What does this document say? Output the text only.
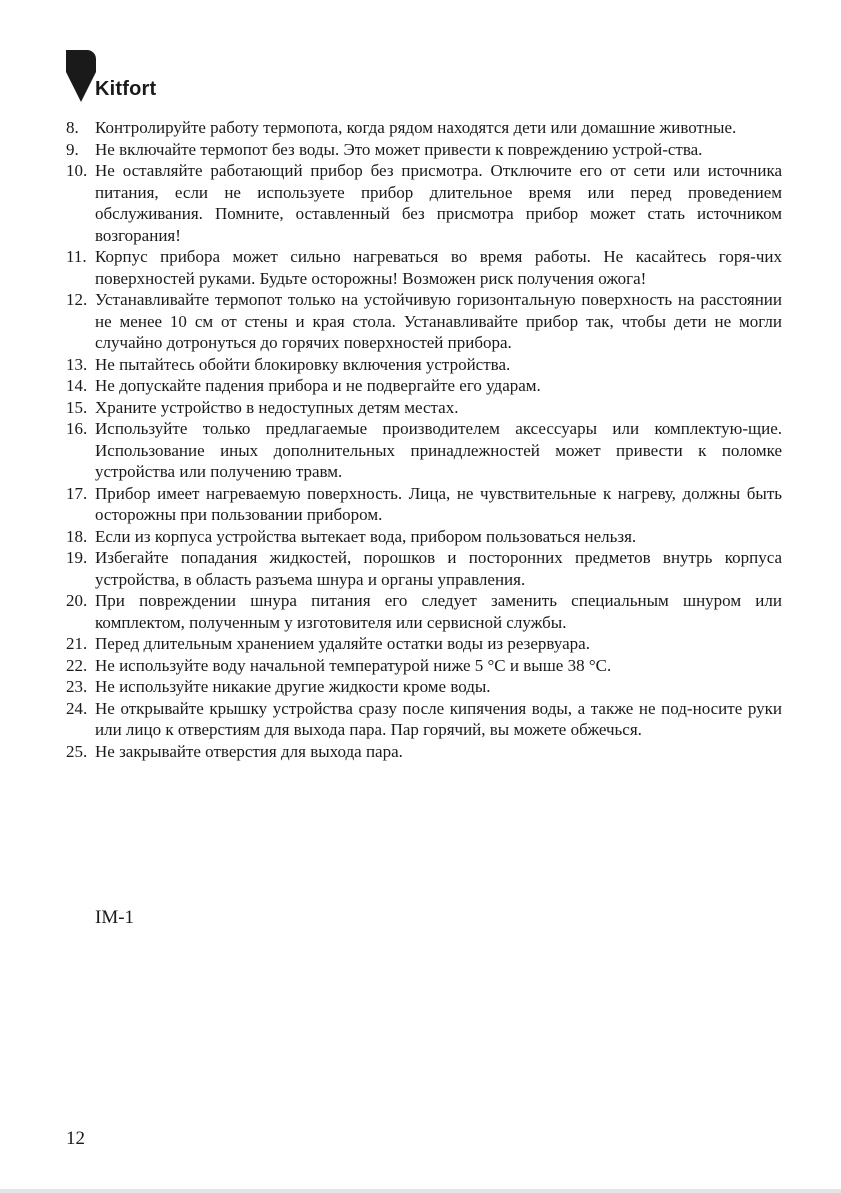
Kitfort
8. Контролируйте работу термопота, когда рядом находятся дети или домашние животные.
9. Не включайте термопот без воды. Это может привести к повреждению устрой-ства.
10. Не оставляйте работающий прибор без присмотра. Отключите его от сети или источника питания, если не используете прибор длительное время или перед проведением обслуживания. Помните, оставленный без присмотра прибор может стать источником возгорания!
11. Корпус прибора может сильно нагреваться во время работы. Не касайтесь горя-чих поверхностей руками. Будьте осторожны! Возможен риск получения ожога!
12. Устанавливайте термопот только на устойчивую горизонтальную поверхность на расстоянии не менее 10 см от стены и края стола. Устанавливайте прибор так, чтобы дети не могли случайно дотронуться до горячих поверхностей прибора.
13. Не пытайтесь обойти блокировку включения устройства.
14. Не допускайте падения прибора и не подвергайте его ударам.
15. Храните устройство в недоступных детям местах.
16. Используйте только предлагаемые производителем аксессуары или комплектую-щие. Использование иных дополнительных принадлежностей может привести к поломке устройства или получению травм.
17. Прибор имеет нагреваемую поверхность. Лица, не чувствительные к нагреву, должны быть осторожны при пользовании прибором.
18. Если из корпуса устройства вытекает вода, прибором пользоваться нельзя.
19. Избегайте попадания жидкостей, порошков и посторонних предметов внутрь корпуса устройства, в область разъема шнура и органы управления.
20. При повреждении шнура питания его следует заменить специальным шнуром или комплектом, полученным у изготовителя или сервисной службы.
21. Перед длительным хранением удаляйте остатки воды из резервуара.
22. Не используйте воду начальной температурой ниже 5 °С и выше 38 °С.
23. Не используйте никакие другие жидкости кроме воды.
24. Не открывайте крышку устройства сразу после кипячения воды, а также не под-носите руки или лицо к отверстиям для выхода пара. Пар горячий, вы можете обжечься.
25. Не закрывайте отверстия для выхода пара.
IM-1
12
